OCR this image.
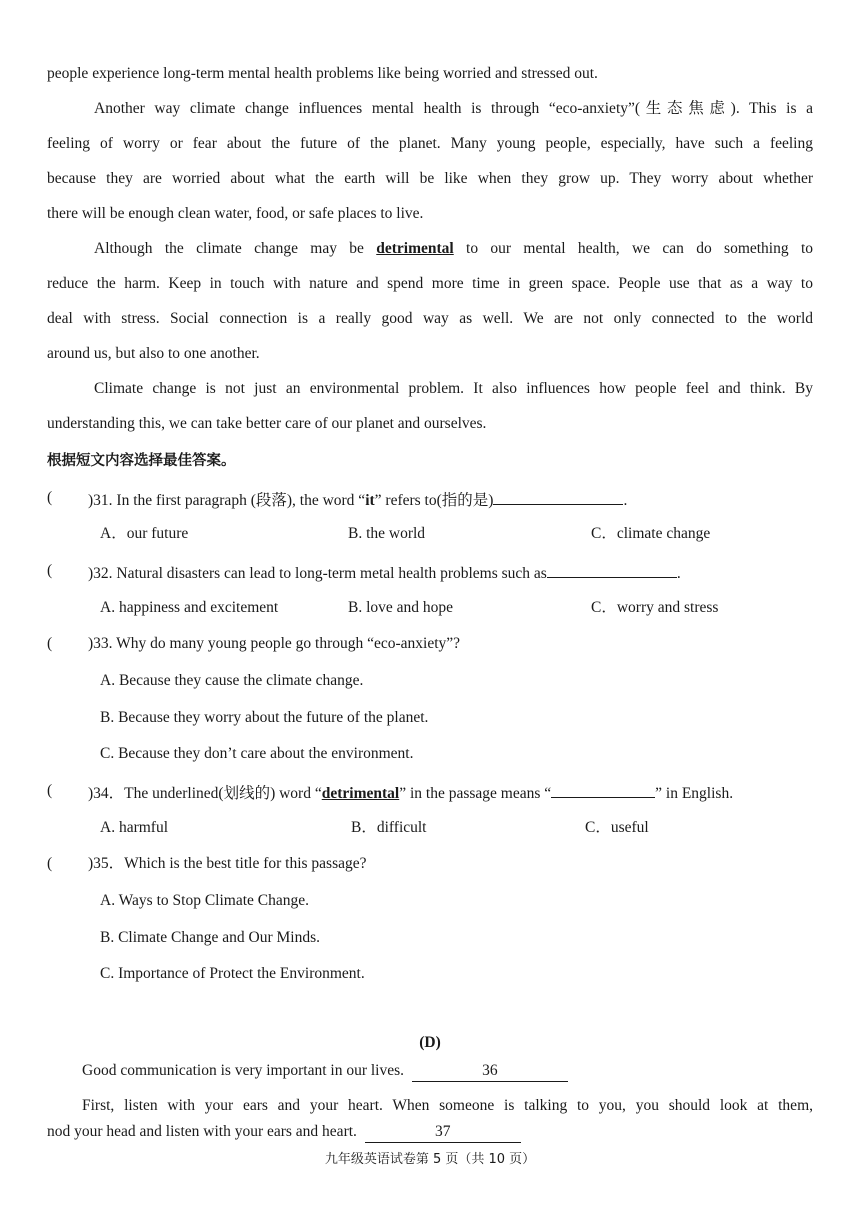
people experience long-term mental health problems like being worried and stressed out.
Another way climate change influences mental health is through “eco-anxiety”(生态焦虑). This is a
feeling of worry or fear about the future of the planet. Many young people, especially, have such a feeling
because they are worried about what the earth will be like when they grow up. They worry about whether
there will be enough clean water, food, or safe places to live.
Although the climate change may be detrimental to our mental health, we can do something to
reduce the harm. Keep in touch with nature and spend more time in green space. People use that as a way to
deal with stress. Social connection is a really good way as well. We are not only connected to the world
around us, but also to one another.
Climate change is not just an environmental problem. It also influences how people feel and think. By
understanding this, we can take better care of our planet and ourselves.
根据短文内容选择最佳答案。
( )31. In the first paragraph (段落), the word “it” refers to(指的是)	.
A．our future	B. the world	C．climate change
( )32. Natural disasters can lead to long-term metal health problems such as	.
A. happiness and excitement	B. love and hope	C．worry and stress
( )33. Why do many young people go through “eco-anxiety”?
A. Because they cause the climate change.
B. Because they worry about the future of the planet.
C. Because they don’t care about the environment.
( )34．The underlined(划线的) word “detrimental” in the passage means “	” in English.
A. harmful	B．difficult	C．useful
( )35．Which is the best title for this passage?
A. Ways to Stop Climate Change.
B. Climate Change and Our Minds.
C. Importance of Protect the Environment.
(D)
Good communication is very important in our lives.	36
First, listen with your ears and your heart. When someone is talking to you, you should look at them,
nod your head and listen with your ears and heart.	37
九年级英语试卷第 5 页（共 10 页）
